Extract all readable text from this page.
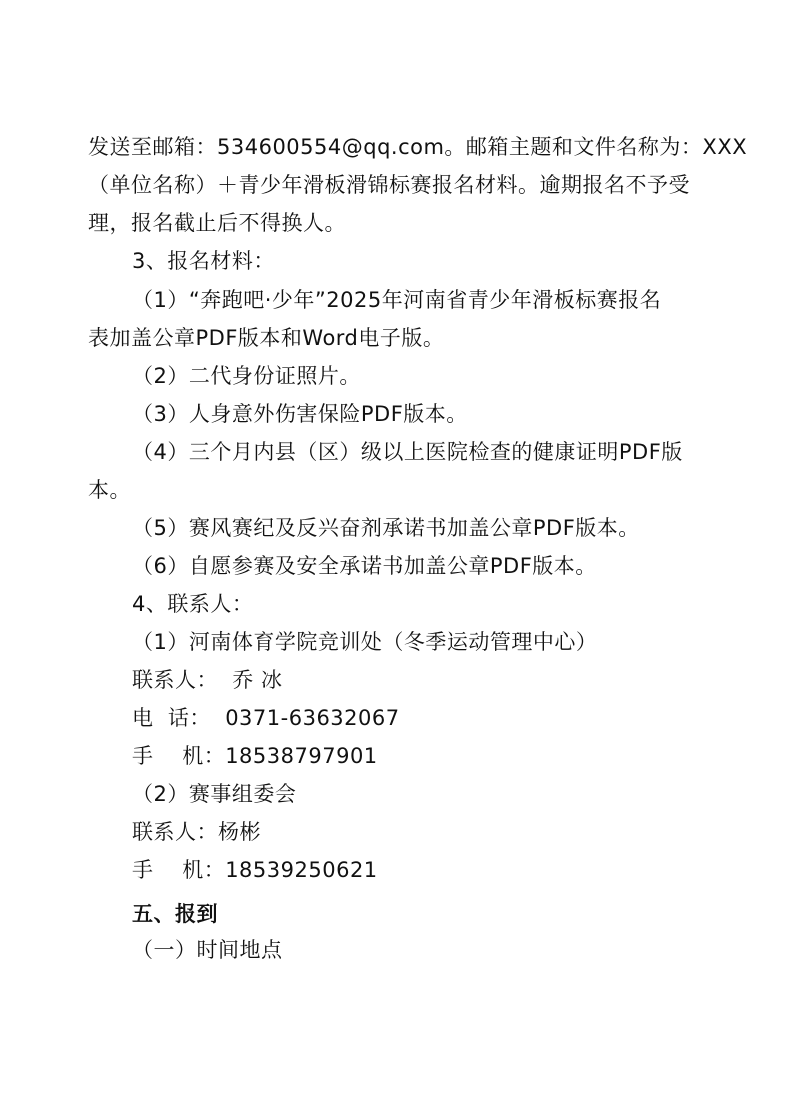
发送至邮箱：534600554@qq.com。邮箱主题和文件名称为：XXX
（单位名称）＋青少年滑板滑锦标赛报名材料。逾期报名不予受
理，报名截止后不得换人。
3、报名材料：
（1）“奔跑吧·少年”2025年河南省青少年滑板标赛报名
表加盖公章PDF版本和Word电子版。
（2）二代身份证照片。
（3）人身意外伤害保险PDF版本。
（4）三个月内县（区）级以上医院检查的健康证明PDF版
本。
（5）赛风赛纪及反兴奋剂承诺书加盖公章PDF版本。
（6）自愿参赛及安全承诺书加盖公章PDF版本。
4、联系人：
（1）河南体育学院竞训处（冬季运动管理中心）
联系人：  乔 冰
电  话：  0371-63632067
手    机：18538797901
（2）赛事组委会
联系人：杨彬
手    机：18539250621
五、报到
（一）时间地点
